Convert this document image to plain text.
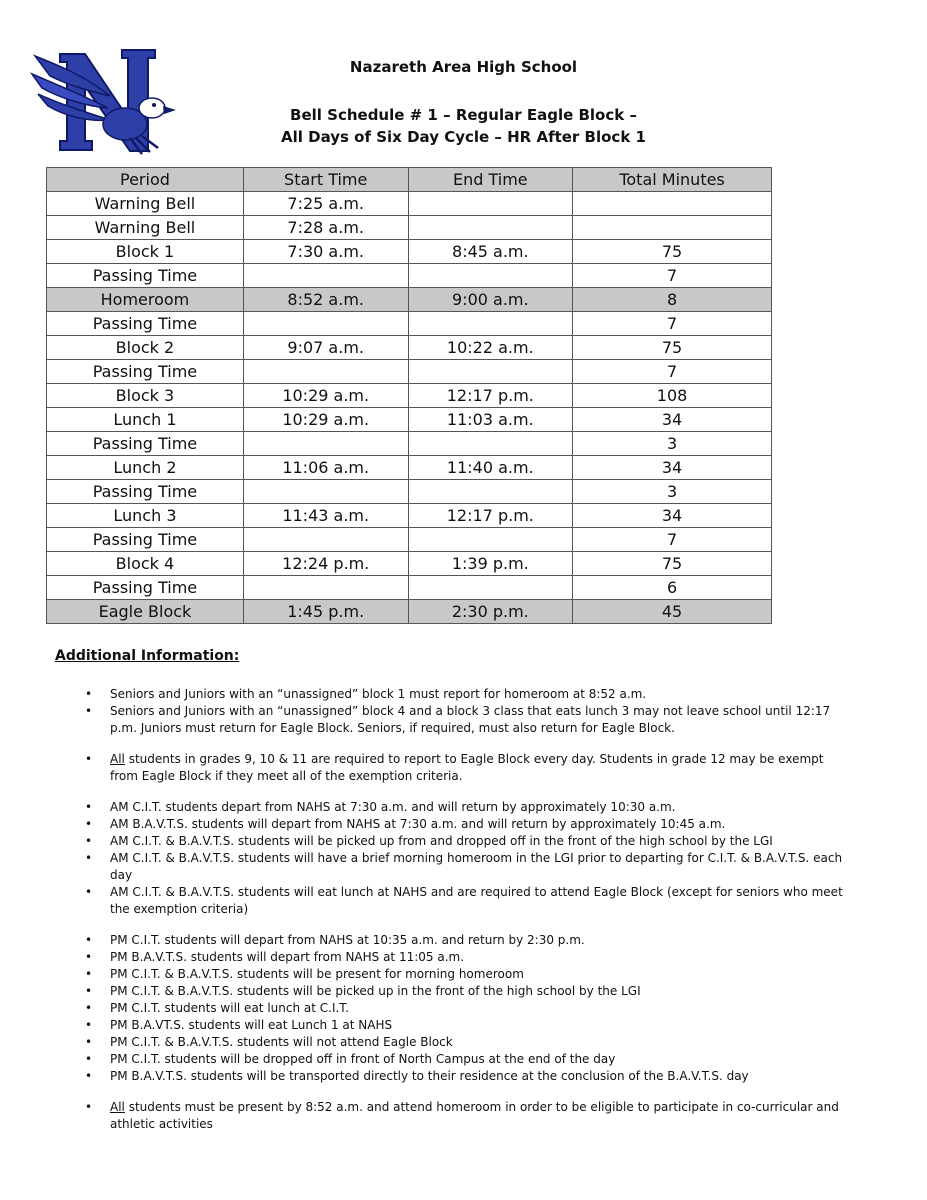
Nazareth Area High School
Bell Schedule # 1 – Regular Eagle Block –
All Days of Six Day Cycle – HR After Block 1
Period	Start Time	End Time	Total Minutes
Warning Bell	7:25 a.m.		
Warning Bell	7:28 a.m.		
Block 1	7:30 a.m.	8:45 a.m.	75
Passing Time			7
Homeroom	8:52 a.m.	9:00 a.m.	8
Passing Time			7
Block 2	9:07 a.m.	10:22 a.m.	75
Passing Time			7
Block 3	10:29 a.m.	12:17 p.m.	108
Lunch 1	10:29 a.m.	11:03 a.m.	34
Passing Time			3
Lunch 2	11:06 a.m.	11:40 a.m.	34
Passing Time			3
Lunch 3	11:43 a.m.	12:17 p.m.	34
Passing Time			7
Block 4	12:24 p.m.	1:39 p.m.	75
Passing Time			6
Eagle Block	1:45 p.m.	2:30 p.m.	45
Additional Information:
• Seniors and Juniors with an “unassigned” block 1 must report for homeroom at 8:52 a.m.
• Seniors and Juniors with an “unassigned” block 4 and a block 3 class that eats lunch 3 may not leave school until 12:17 p.m. Juniors must return for Eagle Block. Seniors, if required, must also return for Eagle Block.
• All students in grades 9, 10 & 11 are required to report to Eagle Block every day. Students in grade 12 may be exempt from Eagle Block if they meet all of the exemption criteria.
• AM C.I.T. students depart from NAHS at 7:30 a.m. and will return by approximately 10:30 a.m.
• AM B.A.V.T.S. students will depart from NAHS at 7:30 a.m. and will return by approximately 10:45 a.m.
• AM C.I.T. & B.A.V.T.S. students will be picked up from and dropped off in the front of the high school by the LGI
• AM C.I.T. & B.A.V.T.S. students will have a brief morning homeroom in the LGI prior to departing for C.I.T. & B.A.V.T.S. each day
• AM C.I.T. & B.A.V.T.S. students will eat lunch at NAHS and are required to attend Eagle Block (except for seniors who meet the exemption criteria)
• PM C.I.T. students will depart from NAHS at 10:35 a.m. and return by 2:30 p.m.
• PM B.A.V.T.S. students will depart from NAHS at 11:05 a.m.
• PM C.I.T. & B.A.V.T.S. students will be present for morning homeroom
• PM C.I.T. & B.A.V.T.S. students will be picked up in the front of the high school by the LGI
• PM C.I.T. students will eat lunch at C.I.T.
• PM B.A.VT.S. students will eat Lunch 1 at NAHS
• PM C.I.T. & B.A.V.T.S. students will not attend Eagle Block
• PM C.I.T. students will be dropped off in front of North Campus at the end of the day
• PM B.A.V.T.S. students will be transported directly to their residence at the conclusion of the B.A.V.T.S. day
• All students must be present by 8:52 a.m. and attend homeroom in order to be eligible to participate in co-curricular and athletic activities
